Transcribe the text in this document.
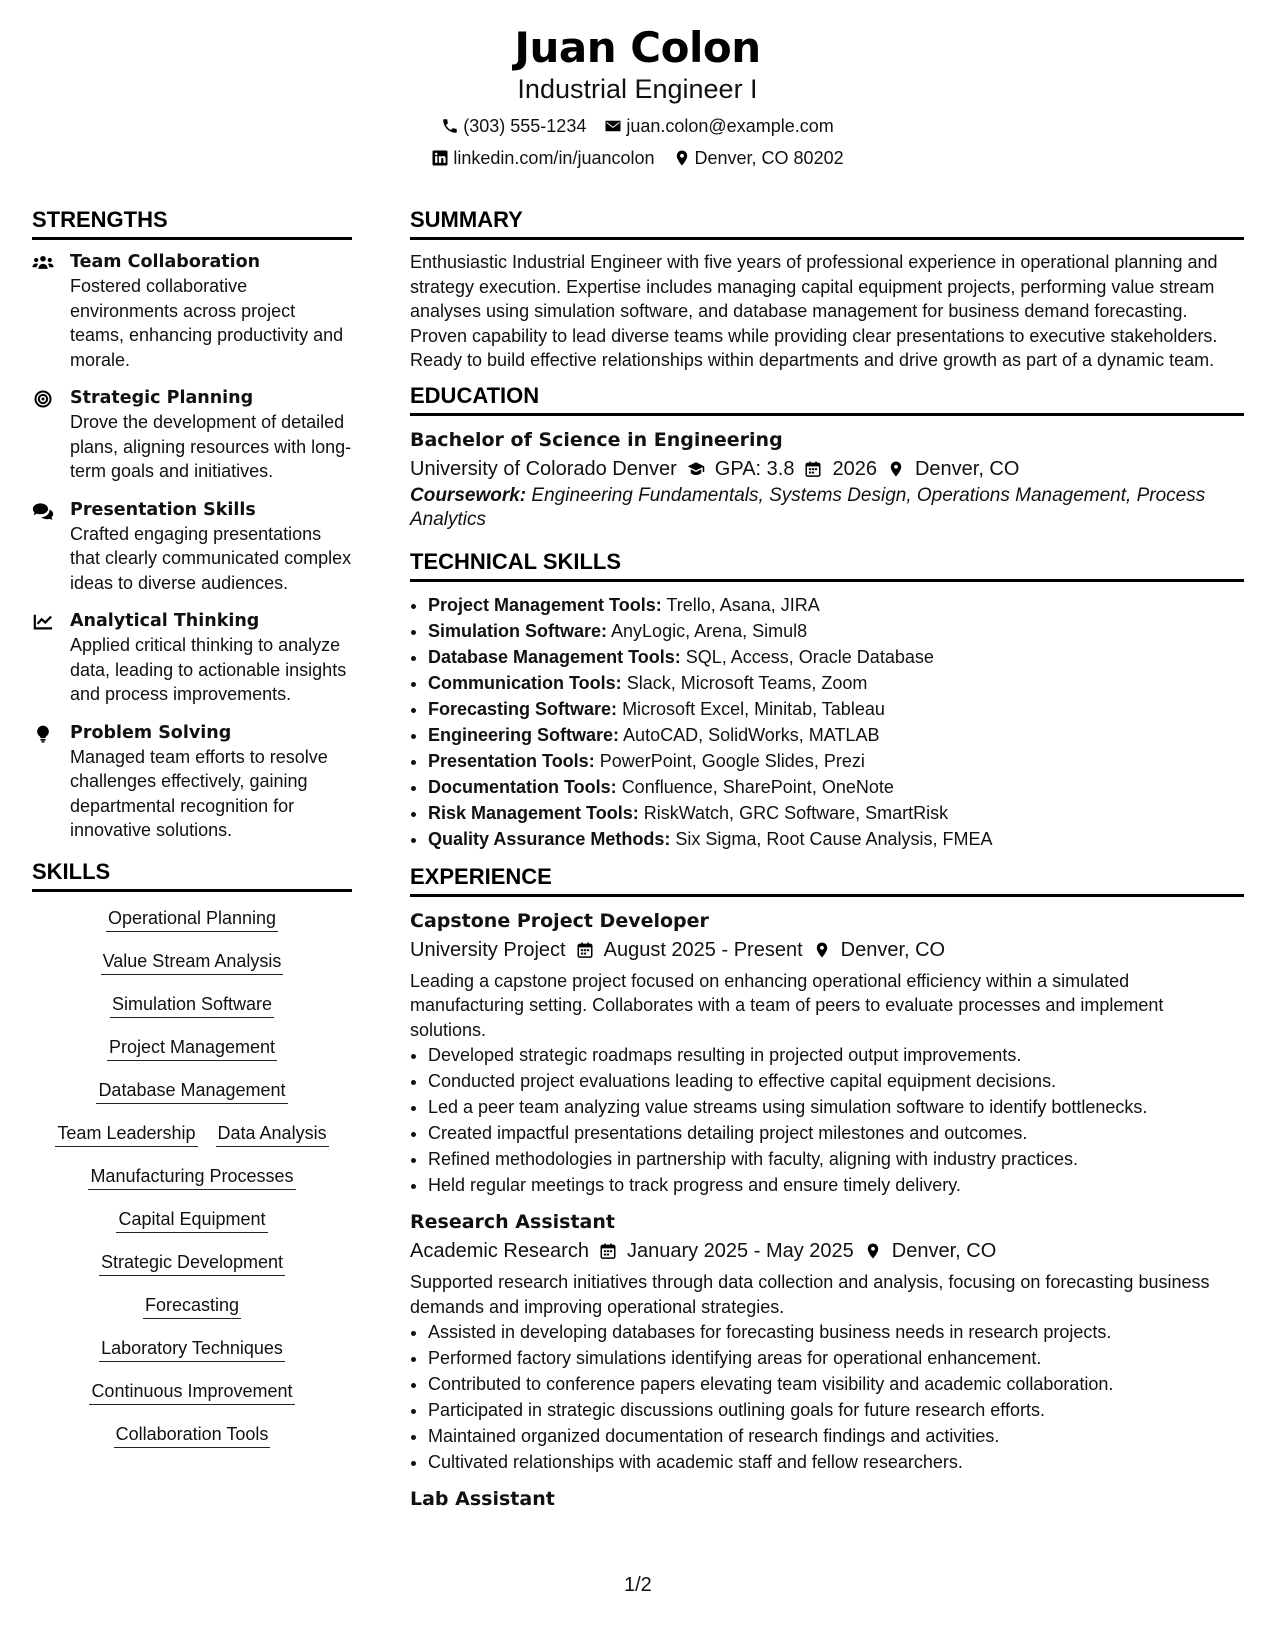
Juan Colon
Industrial Engineer I
(303) 555-1234 juan.colon@example.com
linkedin.com/in/juancolon Denver, CO 80202
STRENGTHS
Team Collaboration
Fostered collaborative environments across project teams, enhancing productivity and morale.
Strategic Planning
Drove the development of detailed plans, aligning resources with long-term goals and initiatives.
Presentation Skills
Crafted engaging presentations that clearly communicated complex ideas to diverse audiences.
Analytical Thinking
Applied critical thinking to analyze data, leading to actionable insights and process improvements.
Problem Solving
Managed team efforts to resolve challenges effectively, gaining departmental recognition for innovative solutions.
SKILLS
Operational Planning
Value Stream Analysis
Simulation Software
Project Management
Database Management
Team Leadership Data Analysis
Manufacturing Processes
Capital Equipment
Strategic Development
Forecasting
Laboratory Techniques
Continuous Improvement
Collaboration Tools
SUMMARY

Enthusiastic Industrial Engineer with five years of professional experience in operational planning and strategy execution. Expertise includes managing capital equipment projects, performing value stream analyses using simulation software, and database management for business demand forecasting. Proven capability to lead diverse teams while providing clear presentations to executive stakeholders. Ready to build effective relationships within departments and drive growth as part of a dynamic team.

EDUCATION
Bachelor of Science in Engineering
University of Colorado Denver GPA: 3.8 2026 Denver, CO
Coursework: Engineering Fundamentals, Systems Design, Operations Management, Process Analytics
TECHNICAL SKILLS
• Project Management Tools: Trello, Asana, JIRA
• Simulation Software: AnyLogic, Arena, Simul8
• Database Management Tools: SQL, Access, Oracle Database
• Communication Tools: Slack, Microsoft Teams, Zoom
• Forecasting Software: Microsoft Excel, Minitab, Tableau
• Engineering Software: AutoCAD, SolidWorks, MATLAB
• Presentation Tools: PowerPoint, Google Slides, Prezi
• Documentation Tools: Confluence, SharePoint, OneNote
• Risk Management Tools: RiskWatch, GRC Software, SmartRisk
• Quality Assurance Methods: Six Sigma, Root Cause Analysis, FMEA
EXPERIENCE
Capstone Project Developer
University Project August 2025 - Present Denver, CO

Leading a capstone project focused on enhancing operational efficiency within a simulated manufacturing setting. Collaborates with a team of peers to evaluate processes and implement solutions.

• Developed strategic roadmaps resulting in projected output improvements.
• Conducted project evaluations leading to effective capital equipment decisions.
• Led a peer team analyzing value streams using simulation software to identify bottlenecks.
• Created impactful presentations detailing project milestones and outcomes.
• Refined methodologies in partnership with faculty, aligning with industry practices.
• Held regular meetings to track progress and ensure timely delivery.
Research Assistant
Academic Research January 2025 - May 2025 Denver, CO

Supported research initiatives through data collection and analysis, focusing on forecasting business demands and improving operational strategies.

• Assisted in developing databases for forecasting business needs in research projects.
• Performed factory simulations identifying areas for operational enhancement.
• Contributed to conference papers elevating team visibility and academic collaboration.
• Participated in strategic discussions outlining goals for future research efforts.
• Maintained organized documentation of research findings and activities.
• Cultivated relationships with academic staff and fellow researchers.
Lab Assistant
1/2
